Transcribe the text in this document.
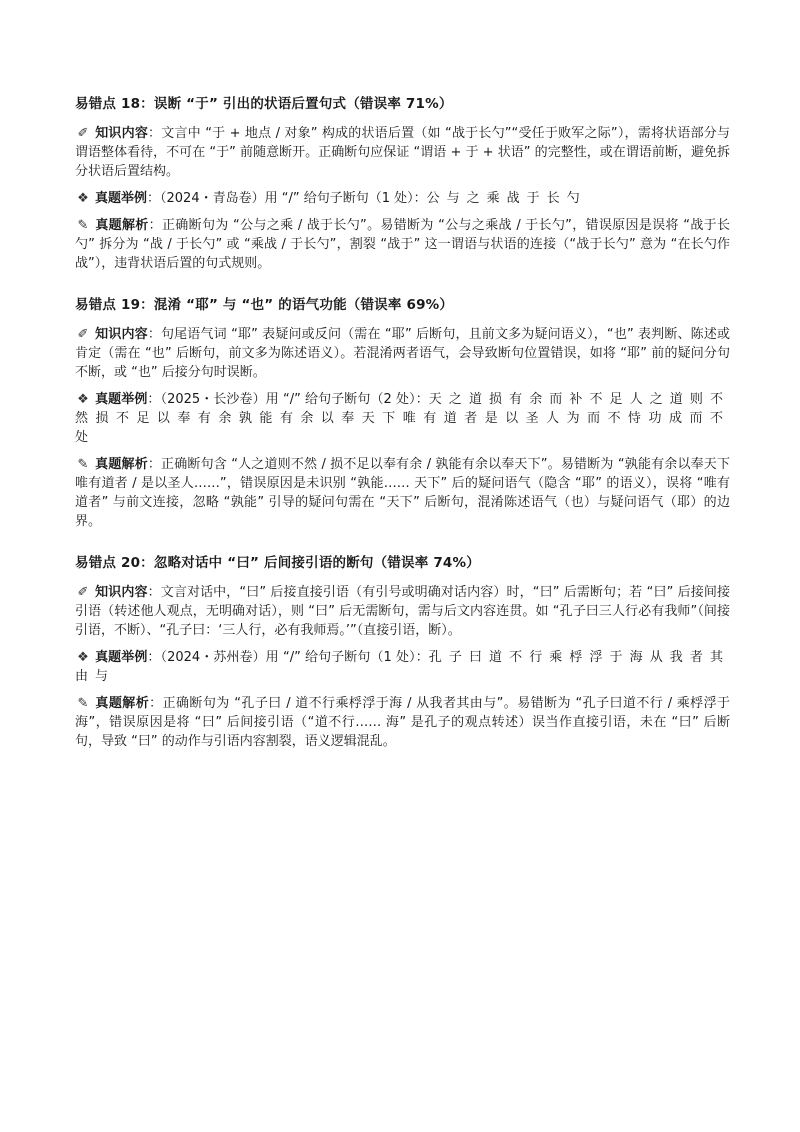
易错点 18：误断 “于” 引出的状语后置句式（错误率 71%）

✐ 知识内容：文言中 “于 + 地点 / 对象” 构成的状语后置（如 “战于长勺”“受任于败军之际”），需将状语部分与谓语整体看待，不可在 “于” 前随意断开。正确断句应保证 “谓语 + 于 + 状语” 的完整性，或在谓语前断，避免拆分状语后置结构。

❖ 真题举例：（2024・青岛卷）用 “/” 给句子断句（1 处）：公与之乘战于长勺

✎ 真题解析：正确断句为 “公与之乘 / 战于长勺”。易错断为 “公与之乘战 / 于长勺”，错误原因是误将 “战于长勺” 拆分为 “战 / 于长勺” 或 “乘战 / 于长勺”，割裂 “战于” 这一谓语与状语的连接（“战于长勺” 意为 “在长勺作战”），违背状语后置的句式规则。

易错点 19：混淆 “耶” 与 “也” 的语气功能（错误率 69%）

✐ 知识内容：句尾语气词 “耶” 表疑问或反问（需在 “耶” 后断句，且前文多为疑问语义），“也” 表判断、陈述或肯定（需在 “也” 后断句，前文多为陈述语义）。若混淆两者语气，会导致断句位置错误，如将 “耶” 前的疑问分句不断，或 “也” 后接分句时误断。

❖ 真题举例：（2025・长沙卷）用 “/” 给句子断句（2 处）：天之道损有余而补不足人之道则不然损不足以奉有余孰能有余以奉天下唯有道者是以圣人为而不恃功成而不处

✎ 真题解析：正确断句含 “人之道则不然 / 损不足以奉有余 / 孰能有余以奉天下”。易错断为 “孰能有余以奉天下唯有道者 / 是以圣人……”，错误原因是未识别 “孰能…… 天下” 后的疑问语气（隐含 “耶” 的语义），误将 “唯有道者” 与前文连接，忽略 “孰能” 引导的疑问句需在 “天下” 后断句，混淆陈述语气（也）与疑问语气（耶）的边界。

易错点 20：忽略对话中 “曰” 后间接引语的断句（错误率 74%）

✐ 知识内容：文言对话中，“曰” 后接直接引语（有引号或明确对话内容）时，“曰” 后需断句；若 “曰” 后接间接引语（转述他人观点，无明确对话），则 “曰” 后无需断句，需与后文内容连贯。如 “孔子曰三人行必有我师”（间接引语，不断）、“孔子曰：‘三人行，必有我师焉。’”（直接引语，断）。

❖ 真题举例：（2024・苏州卷）用 “/” 给句子断句（1 处）：孔子曰道不行乘桴浮于海从我者其由与

✎ 真题解析：正确断句为 “孔子曰 / 道不行乘桴浮于海 / 从我者其由与”。易错断为 “孔子曰道不行 / 乘桴浮于海”，错误原因是将 “曰” 后间接引语（“道不行…… 海” 是孔子的观点转述）误当作直接引语，未在 “曰” 后断句，导致 “曰” 的动作与引语内容割裂，语义逻辑混乱。
